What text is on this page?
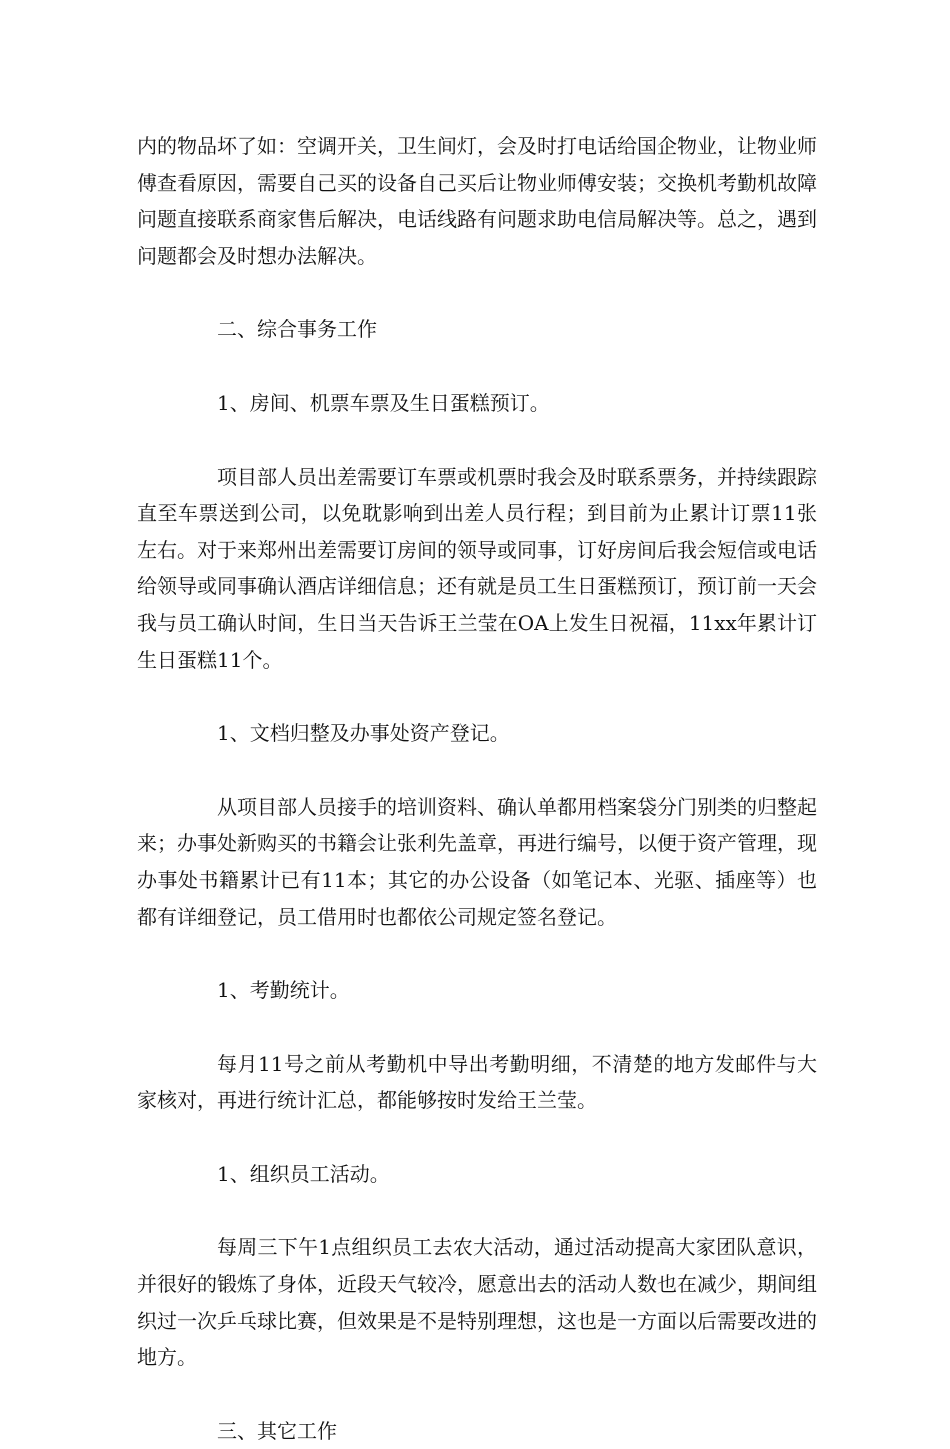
内的物品坏了如：空调开关，卫生间灯，会及时打电话给国企物业，让物业师傅查看原因，需要自己买的设备自己买后让物业师傅安装；交换机考勤机故障问题直接联系商家售后解决，电话线路有问题求助电信局解决等。总之，遇到问题都会及时想办法解决。

二、综合事务工作

1、房间、机票车票及生日蛋糕预订。

项目部人员出差需要订车票或机票时我会及时联系票务，并持续跟踪直至车票送到公司，以免耽影响到出差人员行程；到目前为止累计订票11张左右。对于来郑州出差需要订房间的领导或同事，订好房间后我会短信或电话给领导或同事确认酒店详细信息；还有就是员工生日蛋糕预订，预订前一天会我与员工确认时间，生日当天告诉王兰莹在OA上发生日祝福，11xx年累计订生日蛋糕11个。

1、文档归整及办事处资产登记。

从项目部人员接手的培训资料、确认单都用档案袋分门别类的归整起来；办事处新购买的书籍会让张利先盖章，再进行编号，以便于资产管理，现办事处书籍累计已有11本；其它的办公设备（如笔记本、光驱、插座等）也都有详细登记，员工借用时也都依公司规定签名登记。

1、考勤统计。

每月11号之前从考勤机中导出考勤明细，不清楚的地方发邮件与大家核对，再进行统计汇总，都能够按时发给王兰莹。

1、组织员工活动。

每周三下午1点组织员工去农大活动，通过活动提高大家团队意识，并很好的锻炼了身体，近段天气较冷，愿意出去的活动人数也在减少，期间组织过一次乒乓球比赛，但效果是不是特别理想，这也是一方面以后需要改进的地方。

三、其它工作
